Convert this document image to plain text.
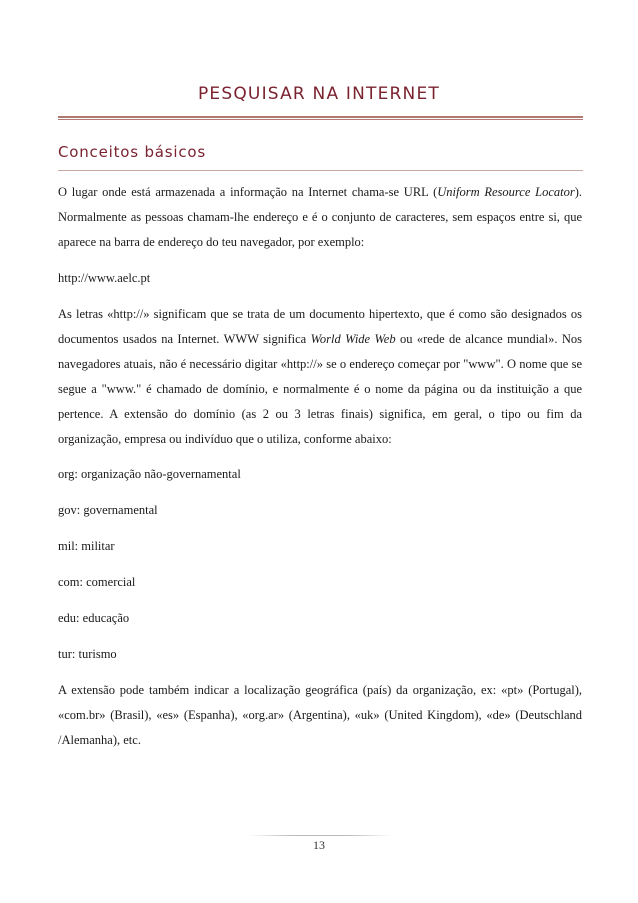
PESQUISAR NA INTERNET
Conceitos básicos

O lugar onde está armazenada a informação na Internet chama-se URL (Uniform Resource Locator). Normalmente as pessoas chamam-lhe endereço e é o conjunto de caracteres, sem espaços entre si, que aparece na barra de endereço do teu navegador, por exemplo:

http://www.aelc.pt

As letras «http://» significam que se trata de um documento hipertexto, que é como são designados os documentos usados na Internet. WWW significa World Wide Web ou «rede de alcance mundial». Nos navegadores atuais, não é necessário digitar «http://» se o endereço começar por "www". O nome que se segue a "www." é chamado de domínio, e normalmente é o nome da página ou da instituição a que pertence. A extensão do domínio (as 2 ou 3 letras finais) significa, em geral, o tipo ou fim da organização, empresa ou indivíduo que o utiliza, conforme abaixo:

org: organização não-governamental

gov: governamental

mil: militar

com: comercial

edu: educação

tur: turismo

A extensão pode também indicar a localização geográfica (país) da organização, ex: «pt» (Portugal), «com.br» (Brasil), «es» (Espanha), «org.ar» (Argentina), «uk» (United Kingdom), «de» (Deutschland /Alemanha), etc.

13
